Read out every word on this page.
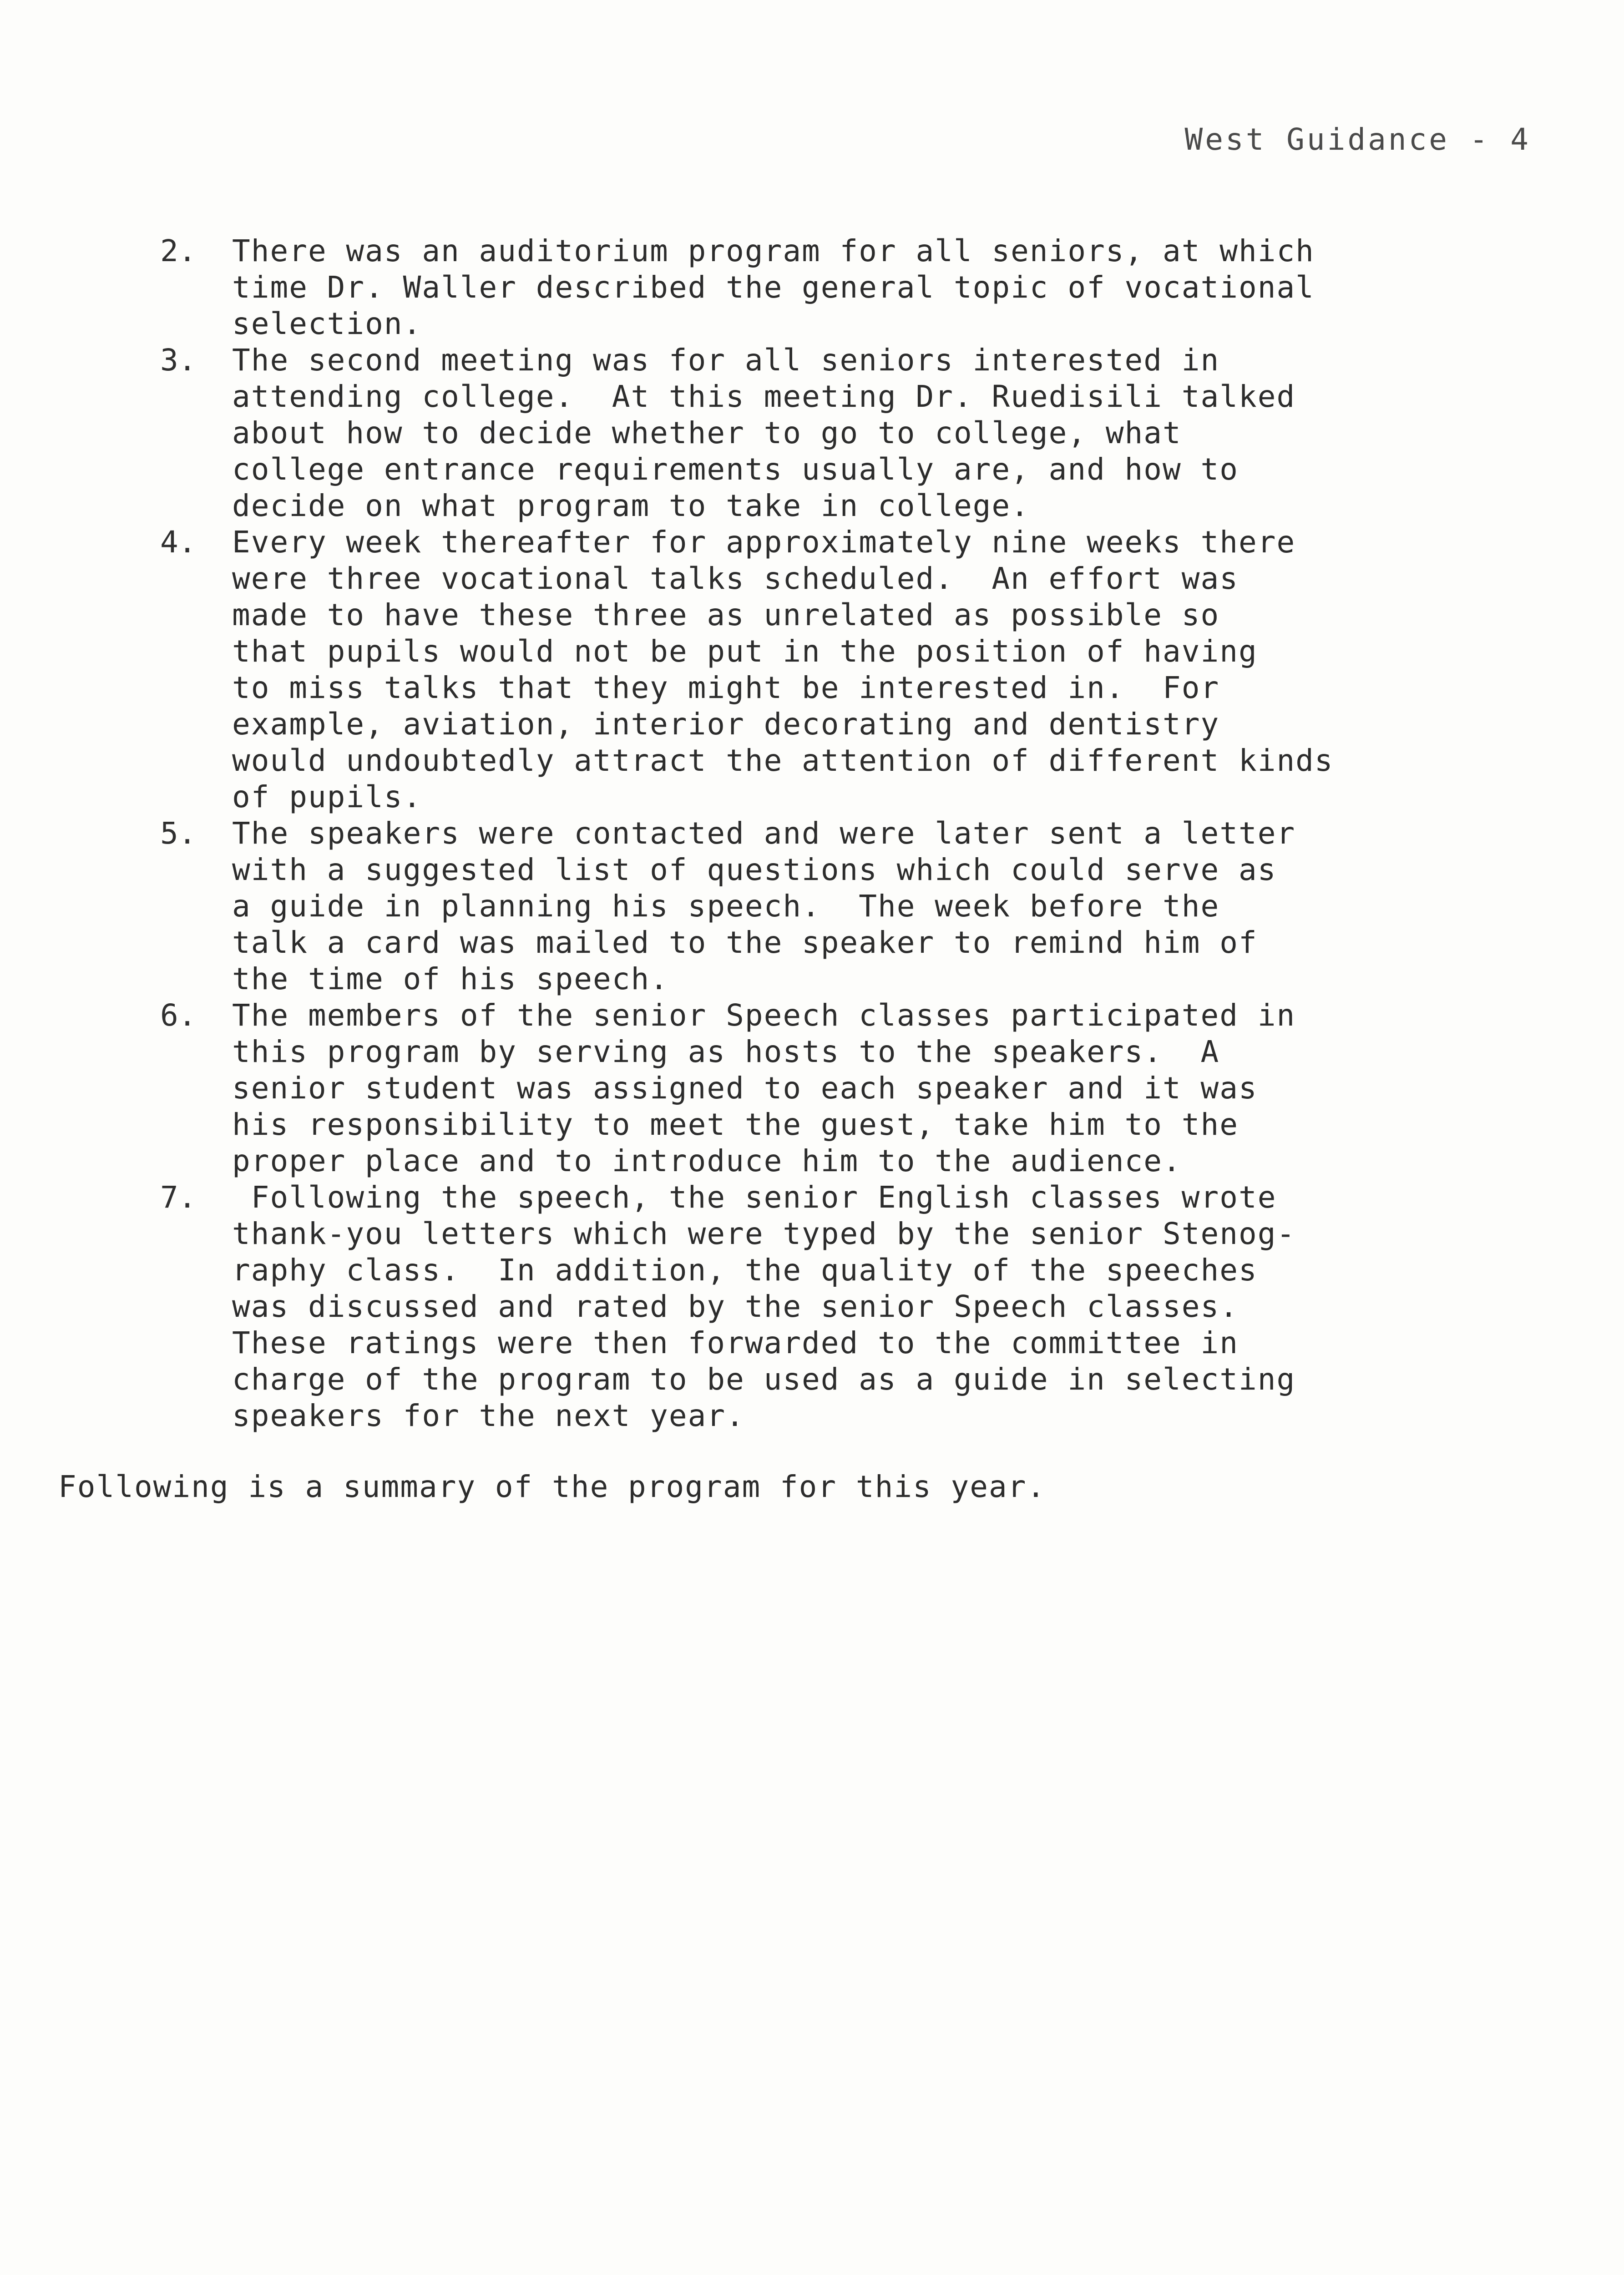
West Guidance - 4
2.	There was an auditorium program for all seniors, at which
time Dr. Waller described the general topic of vocational
selection.
3.	The second meeting was for all seniors interested in
attending college.  At this meeting Dr. Ruedisili talked
about how to decide whether to go to college, what
college entrance requirements usually are, and how to
decide on what program to take in college.
4.	Every week thereafter for approximately nine weeks there
were three vocational talks scheduled.  An effort was
made to have these three as unrelated as possible so
that pupils would not be put in the position of having
to miss talks that they might be interested in.  For
example, aviation, interior decorating and dentistry
would undoubtedly attract the attention of different kinds
of pupils.
5.	The speakers were contacted and were later sent a letter
with a suggested list of questions which could serve as
a guide in planning his speech.  The week before the
talk a card was mailed to the speaker to remind him of
the time of his speech.
6.	The members of the senior Speech classes participated in
this program by serving as hosts to the speakers.  A
senior student was assigned to each speaker and it was
his responsibility to meet the guest, take him to the
proper place and to introduce him to the audience.
7.	Following the speech, the senior English classes wrote
thank-you letters which were typed by the senior Stenog-
raphy class.  In addition, the quality of the speeches
was discussed and rated by the senior Speech classes.
These ratings were then forwarded to the committee in
charge of the program to be used as a guide in selecting
speakers for the next year.
Following is a summary of the program for this year.
